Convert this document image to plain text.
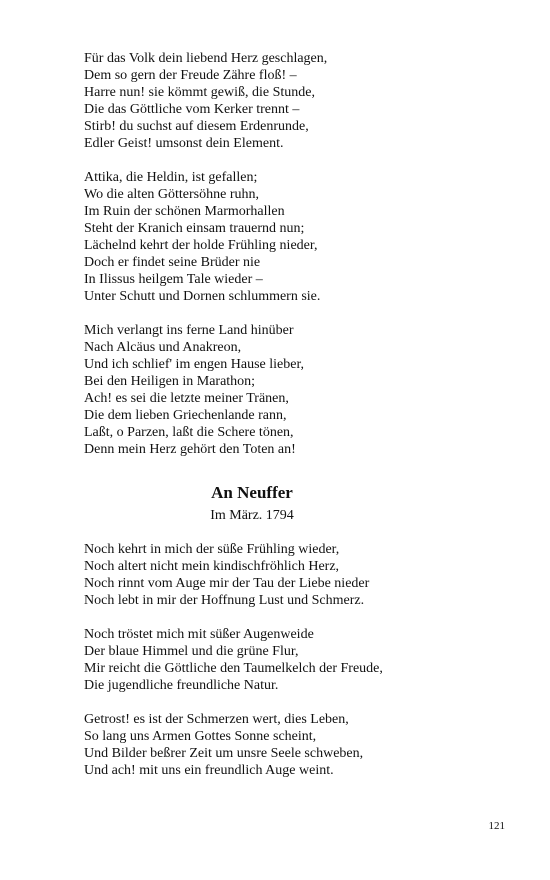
Für das Volk dein liebend Herz geschlagen,
Dem so gern der Freude Zähre floß! –
Harre nun! sie kömmt gewiß, die Stunde,
Die das Göttliche vom Kerker trennt –
Stirb! du suchst auf diesem Erdenrunde,
Edler Geist! umsonst dein Element.
Attika, die Heldin, ist gefallen;
Wo die alten Göttersöhne ruhn,
Im Ruin der schönen Marmorhallen
Steht der Kranich einsam trauernd nun;
Lächelnd kehrt der holde Frühling nieder,
Doch er findet seine Brüder nie
In Ilissus heilgem Tale wieder –
Unter Schutt und Dornen schlummern sie.
Mich verlangt ins ferne Land hinüber
Nach Alcäus und Anakreon,
Und ich schlief' im engen Hause lieber,
Bei den Heiligen in Marathon;
Ach! es sei die letzte meiner Tränen,
Die dem lieben Griechenlande rann,
Laßt, o Parzen, laßt die Schere tönen,
Denn mein Herz gehört den Toten an!
An Neuffer
Im März. 1794
Noch kehrt in mich der süße Frühling wieder,
Noch altert nicht mein kindischfröhlich Herz,
Noch rinnt vom Auge mir der Tau der Liebe nieder
Noch lebt in mir der Hoffnung Lust und Schmerz.
Noch tröstet mich mit süßer Augenweide
Der blaue Himmel und die grüne Flur,
Mir reicht die Göttliche den Taumelkelch der Freude,
Die jugendliche freundliche Natur.
Getrost! es ist der Schmerzen wert, dies Leben,
So lang uns Armen Gottes Sonne scheint,
Und Bilder beßrer Zeit um unsre Seele schweben,
Und ach! mit uns ein freundlich Auge weint.
121
